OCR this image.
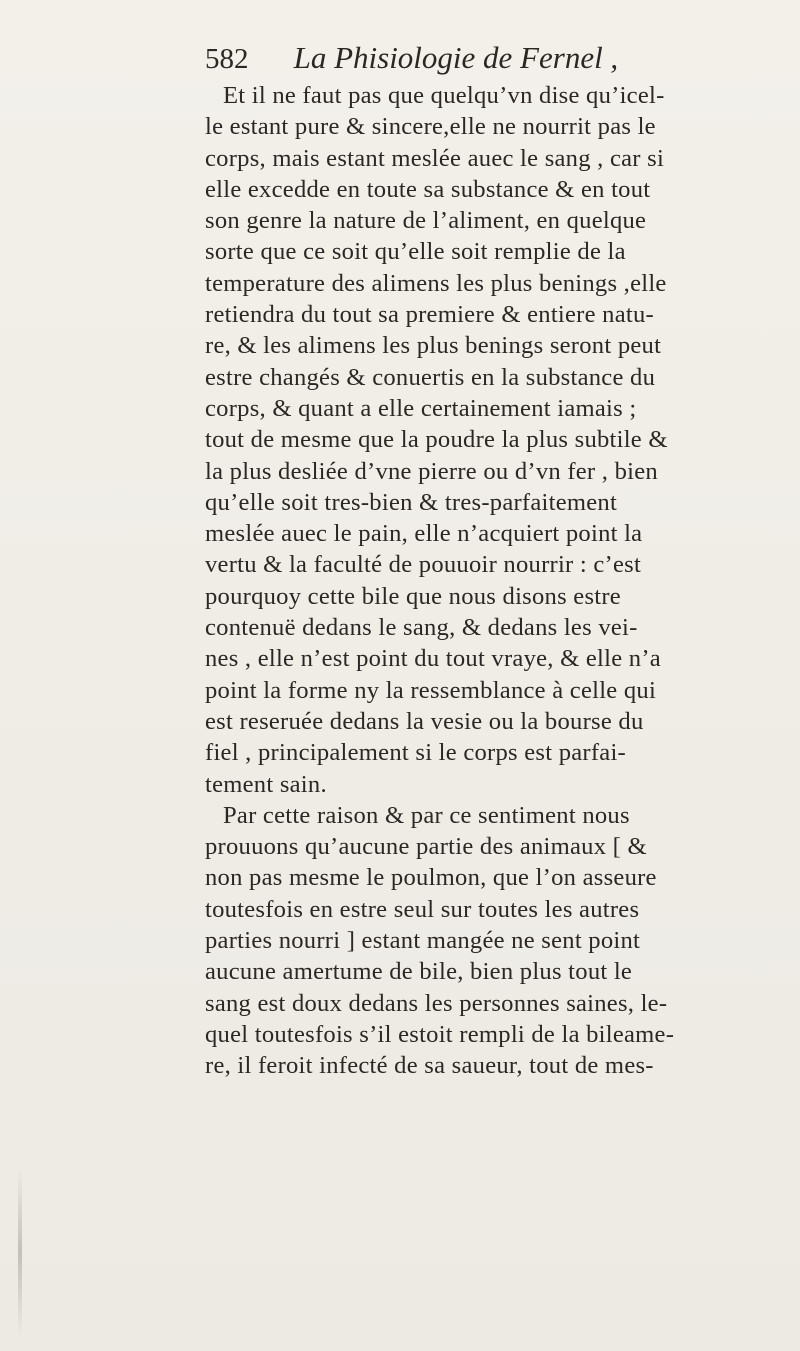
582 La Phisiologie de Fernel ,
Et il ne faut pas que quelqu’vn dise qu’icel-
le estant pure & sincere,elle ne nourrit pas le
corps, mais estant meslée auec le sang , car si
elle excedde en toute sa substance & en tout
son genre la nature de l’aliment, en quelque
sorte que ce soit qu’elle soit remplie de la
temperature des alimens les plus benings ,elle
retiendra du tout sa premiere & entiere natu-
re, & les alimens les plus benings seront peut
estre changés & conuertis en la substance du
corps, & quant a elle certainement iamais ;
tout de mesme que la poudre la plus subtile &
la plus desliée d’vne pierre ou d’vn fer , bien
qu’elle soit tres-bien & tres-parfaitement
meslée auec le pain, elle n’acquiert point la
vertu & la faculté de pouuoir nourrir : c’est
pourquoy cette bile que nous disons estre
contenuë dedans le sang, & dedans les vei-
nes , elle n’est point du tout vraye, & elle n’a
point la forme ny la ressemblance à celle qui
est reseruée dedans la vesie ou la bourse du
fiel , principalement si le corps est parfai-
tement sain.
Par cette raison & par ce sentiment nous
prouuons qu’aucune partie des animaux [ &
non pas mesme le poulmon, que l’on asseure
toutesfois en estre seul sur toutes les autres
parties nourri ] estant mangée ne sent point
aucune amertume de bile, bien plus tout le
sang est doux dedans les personnes saines, le-
quel toutesfois s’il estoit rempli de la bileame-
re, il feroit infecté de sa saueur, tout de mes-
